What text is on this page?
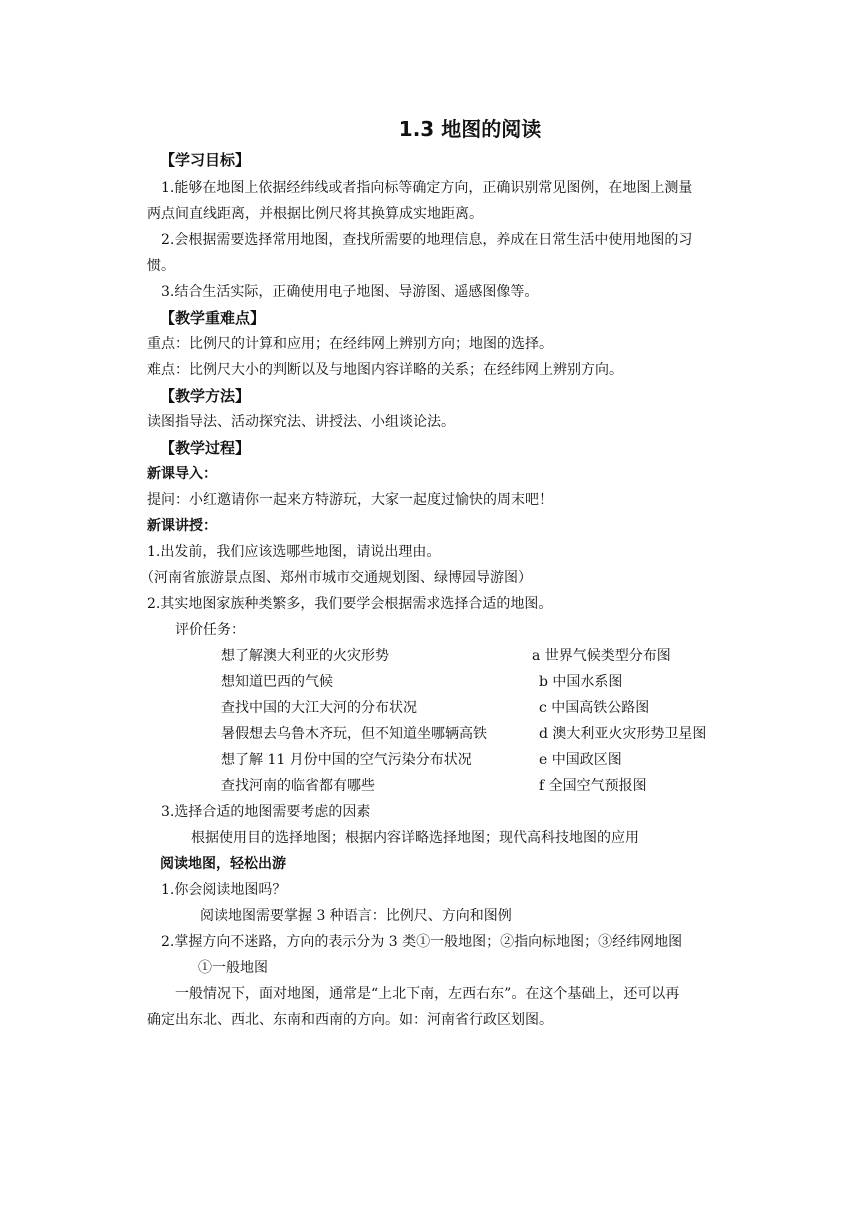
1.3 地图的阅读
【学习目标】
1.能够在地图上依据经纬线或者指向标等确定方向，正确识别常见图例，在地图上测量
两点间直线距离，并根据比例尺将其换算成实地距离。
2.会根据需要选择常用地图，查找所需要的地理信息，养成在日常生活中使用地图的习
惯。
3.结合生活实际，正确使用电子地图、导游图、遥感图像等。
【教学重难点】
重点：比例尺的计算和应用；在经纬网上辨别方向；地图的选择。
难点：比例尺大小的判断以及与地图内容详略的关系；在经纬网上辨别方向。
【教学方法】
读图指导法、活动探究法、讲授法、小组谈论法。
【教学过程】
新课导入：
提问：小红邀请你一起来方特游玩，大家一起度过愉快的周末吧！
新课讲授：
1.出发前，我们应该选哪些地图，请说出理由。
（河南省旅游景点图、郑州市城市交通规划图、绿博园导游图）
2.其实地图家族种类繁多，我们要学会根据需求选择合适的地图。
评价任务：
想了解澳大利亚的火灾形势	a 世界气候类型分布图
想知道巴西的气候	b 中国水系图
查找中国的大江大河的分布状况	c 中国高铁公路图
暑假想去乌鲁木齐玩，但不知道坐哪辆高铁	d 澳大利亚火灾形势卫星图
想了解 11 月份中国的空气污染分布状况	e 中国政区图
查找河南的临省都有哪些	f 全国空气预报图
3.选择合适的地图需要考虑的因素
根据使用目的选择地图；根据内容详略选择地图；现代高科技地图的应用
阅读地图，轻松出游
1.你会阅读地图吗？
阅读地图需要掌握 3 种语言：比例尺、方向和图例
2.掌握方向不迷路，方向的表示分为 3 类①一般地图；②指向标地图；③经纬网地图
①一般地图
一般情况下，面对地图，通常是“上北下南，左西右东”。在这个基础上，还可以再
确定出东北、西北、东南和西南的方向。如：河南省行政区划图。
